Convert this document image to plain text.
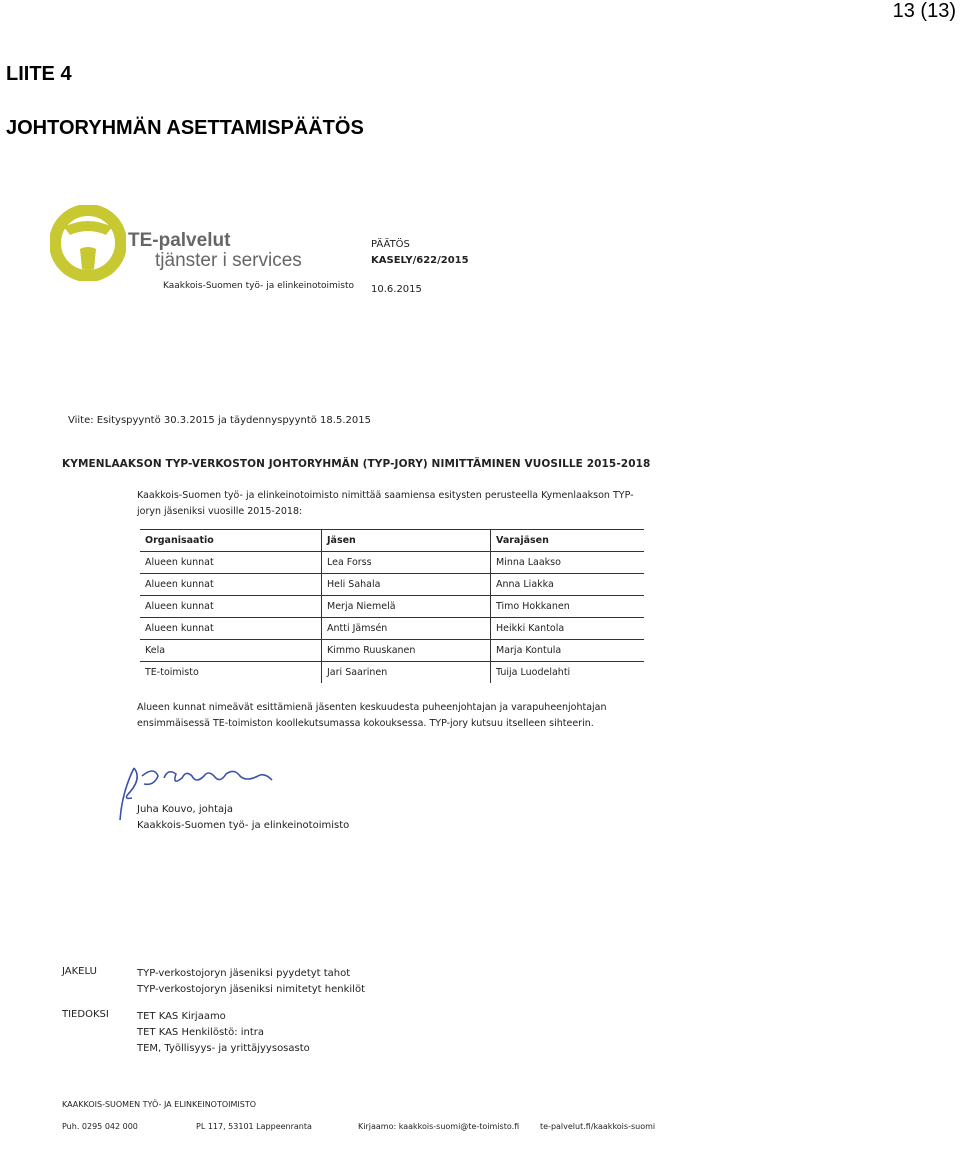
13 (13)
LIITE 4
JOHTORYHMÄN ASETTAMISPÄÄTÖS
TE-palvelut
tjänster i services
Kaakkois-Suomen työ- ja elinkeinotoimisto
PÄÄTÖS
KASELY/622/2015
10.6.2015
Viite: Esityspyyntö 30.3.2015 ja täydennyspyyntö 18.5.2015
KYMENLAAKSON TYP-VERKOSTON JOHTORYHMÄN (TYP-JORY) NIMITTÄMINEN VUOSILLE 2015-2018
Kaakkois-Suomen työ- ja elinkeinotoimisto nimittää saamiensa esitysten perusteella Kymenlaakson TYP-joryn jäseniksi vuosille 2015-2018:
Organisaatio	Jäsen	Varajäsen
Alueen kunnat	Lea Forss	Minna Laakso
Alueen kunnat	Heli Sahala	Anna Liakka
Alueen kunnat	Merja Niemelä	Timo Hokkanen
Alueen kunnat	Antti Jämsén	Heikki Kantola
Kela	Kimmo Ruuskanen	Marja Kontula
TE-toimisto	Jari Saarinen	Tuija Luodelahti
Alueen kunnat nimeävät esittämienä jäsenten keskuudesta puheenjohtajan ja varapuheenjohtajan ensimmäisessä TE-toimiston koollekutsumassa kokouksessa. TYP-jory kutsuu itselleen sihteerin.
Juha Kouvo, johtaja
Kaakkois-Suomen työ- ja elinkeinotoimisto
JAKELU	TYP-verkostojoryn jäseniksi pyydetyt tahot
TYP-verkostojoryn jäseniksi nimitetyt henkilöt
TIEDOKSI	TET KAS Kirjaamo
TET KAS Henkilöstö: intra
TEM, Työllisyys- ja yrittäjyysosasto
KAAKKOIS-SUOMEN TYÖ- JA ELINKEINOTOIMISTO
Puh. 0295 042 000	PL 117, 53101 Lappeenranta	Kirjaamo: kaakkois-suomi@te-toimisto.fi	te-palvelut.fi/kaakkois-suomi
